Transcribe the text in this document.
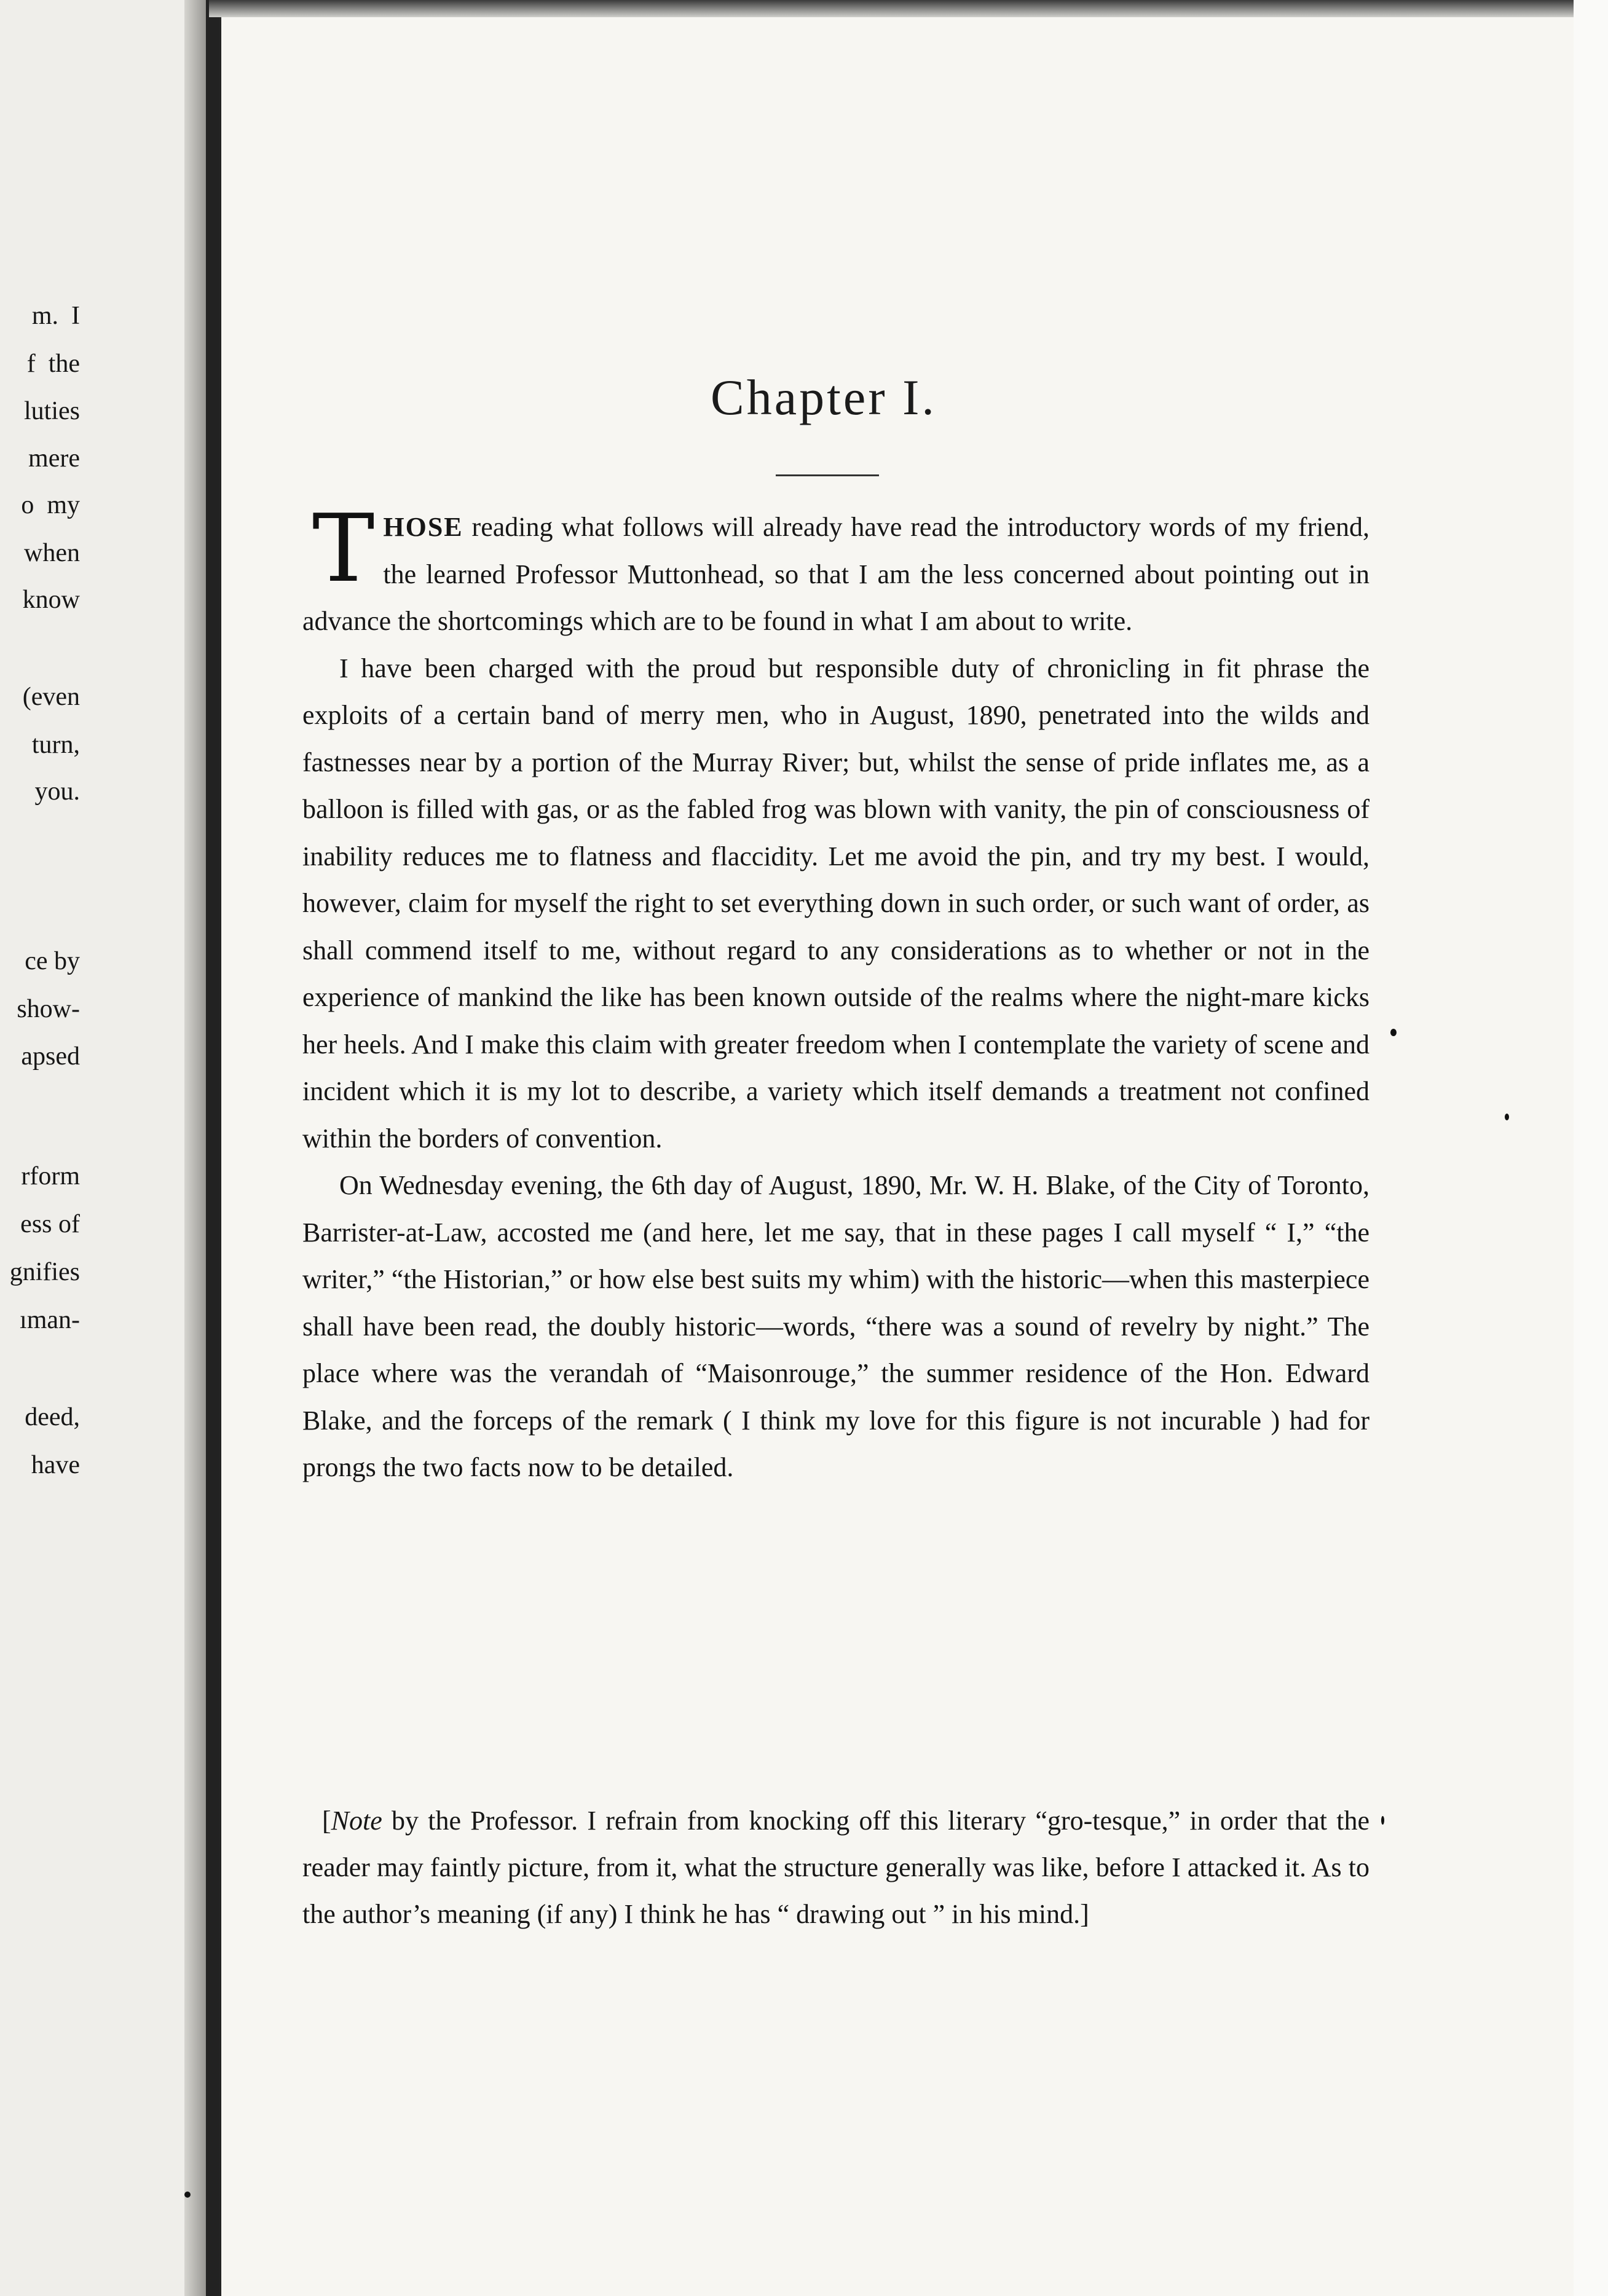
m.  I
f  the
luties
mere
o  my
when
know
(even
turn,
you.
ce by
show-
apsed
rform
ess of
gnifies
ıman-
deed,
have
Chapter I.

THOSE reading what follows will already have read the introductory words of my friend, the learned Professor Muttonhead, so that I am the less concerned about pointing out in advance the shortcomings which are to be found in what I am about to write.

I have been charged with the proud but responsible duty of chronicling in fit phrase the exploits of a certain band of merry men, who in August, 1890, penetrated into the wilds and fastnesses near by a portion of the Murray River; but, whilst the sense of pride inflates me, as a balloon is filled with gas, or as the fabled frog was blown with vanity, the pin of consciousness of inability reduces me to flatness and flaccidity. Let me avoid the pin, and try my best. I would, however, claim for myself the right to set everything down in such order, or such want of order, as shall commend itself to me, without regard to any considerations as to whether or not in the experience of mankind the like has been known outside of the realms where the night-mare kicks her heels. And I make this claim with greater freedom when I contemplate the variety of scene and incident which it is my lot to describe, a variety which itself demands a treatment not confined within the borders of convention.

On Wednesday evening, the 6th day of August, 1890, Mr. W. H. Blake, of the City of Toronto, Barrister-at-Law, accosted me (and here, let me say, that in these pages I call myself “ I,” “the writer,” “the Historian,” or how else best suits my whim) with the historic—when this masterpiece shall have been read, the doubly historic—words, “there was a sound of revelry by night.” The place where was the verandah of “Maisonrouge,” the summer residence of the Hon. Edward Blake, and the forceps of the remark ( I think my love for this figure is not incurable ) had for prongs the two facts now to be detailed.

[Note by the Professor. I refrain from knocking off this literary “gro-tesque,” in order that the reader may faintly picture, from it, what the structure generally was like, before I attacked it. As to the author’s meaning (if any) I think he has “ drawing out ” in his mind.]
